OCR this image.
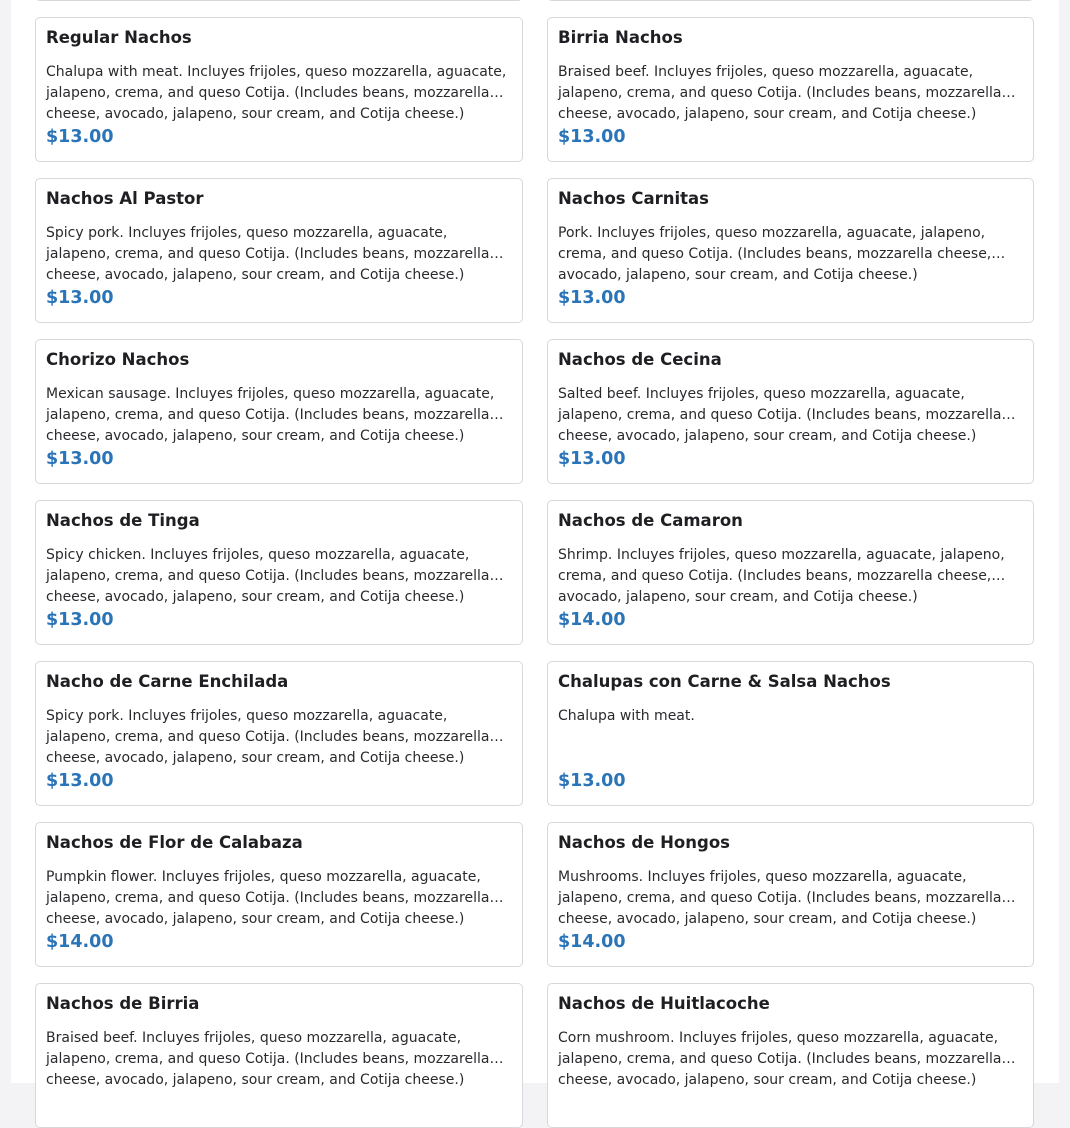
Regular Nachos
Chalupa with meat. Incluyes frijoles, queso mozzarella, aguacate, jalapeno, crema, and queso Cotija. (Includes beans, mozzarella cheese, avocado, jalapeno, sour cream, and Cotija cheese.)
$13.00
Birria Nachos
Braised beef. Incluyes frijoles, queso mozzarella, aguacate, jalapeno, crema, and queso Cotija. (Includes beans, mozzarella cheese, avocado, jalapeno, sour cream, and Cotija cheese.)
$13.00
Nachos Al Pastor
Spicy pork. Incluyes frijoles, queso mozzarella, aguacate, jalapeno, crema, and queso Cotija. (Includes beans, mozzarella cheese, avocado, jalapeno, sour cream, and Cotija cheese.)
$13.00
Nachos Carnitas
Pork. Incluyes frijoles, queso mozzarella, aguacate, jalapeno, crema, and queso Cotija. (Includes beans, mozzarella cheese, avocado, jalapeno, sour cream, and Cotija cheese.)
$13.00
Chorizo Nachos
Mexican sausage. Incluyes frijoles, queso mozzarella, aguacate, jalapeno, crema, and queso Cotija. (Includes beans, mozzarella cheese, avocado, jalapeno, sour cream, and Cotija cheese.)
$13.00
Nachos de Cecina
Salted beef. Incluyes frijoles, queso mozzarella, aguacate, jalapeno, crema, and queso Cotija. (Includes beans, mozzarella cheese, avocado, jalapeno, sour cream, and Cotija cheese.)
$13.00
Nachos de Tinga
Spicy chicken. Incluyes frijoles, queso mozzarella, aguacate, jalapeno, crema, and queso Cotija. (Includes beans, mozzarella cheese, avocado, jalapeno, sour cream, and Cotija cheese.)
$13.00
Nachos de Camaron
Shrimp. Incluyes frijoles, queso mozzarella, aguacate, jalapeno, crema, and queso Cotija. (Includes beans, mozzarella cheese, avocado, jalapeno, sour cream, and Cotija cheese.)
$14.00
Nacho de Carne Enchilada
Spicy pork. Incluyes frijoles, queso mozzarella, aguacate, jalapeno, crema, and queso Cotija. (Includes beans, mozzarella cheese, avocado, jalapeno, sour cream, and Cotija cheese.)
$13.00
Chalupas con Carne & Salsa Nachos
Chalupa with meat.
$13.00
Nachos de Flor de Calabaza
Pumpkin flower. Incluyes frijoles, queso mozzarella, aguacate, jalapeno, crema, and queso Cotija. (Includes beans, mozzarella cheese, avocado, jalapeno, sour cream, and Cotija cheese.)
$14.00
Nachos de Hongos
Mushrooms. Incluyes frijoles, queso mozzarella, aguacate, jalapeno, crema, and queso Cotija. (Includes beans, mozzarella cheese, avocado, jalapeno, sour cream, and Cotija cheese.)
$14.00
Nachos de Birria
Braised beef. Incluyes frijoles, queso mozzarella, aguacate, jalapeno, crema, and queso Cotija. (Includes beans, mozzarella cheese, avocado, jalapeno, sour cream, and Cotija cheese.)
Nachos de Huitlacoche
Corn mushroom. Incluyes frijoles, queso mozzarella, aguacate, jalapeno, crema, and queso Cotija. (Includes beans, mozzarella cheese, avocado, jalapeno, sour cream, and Cotija cheese.)
